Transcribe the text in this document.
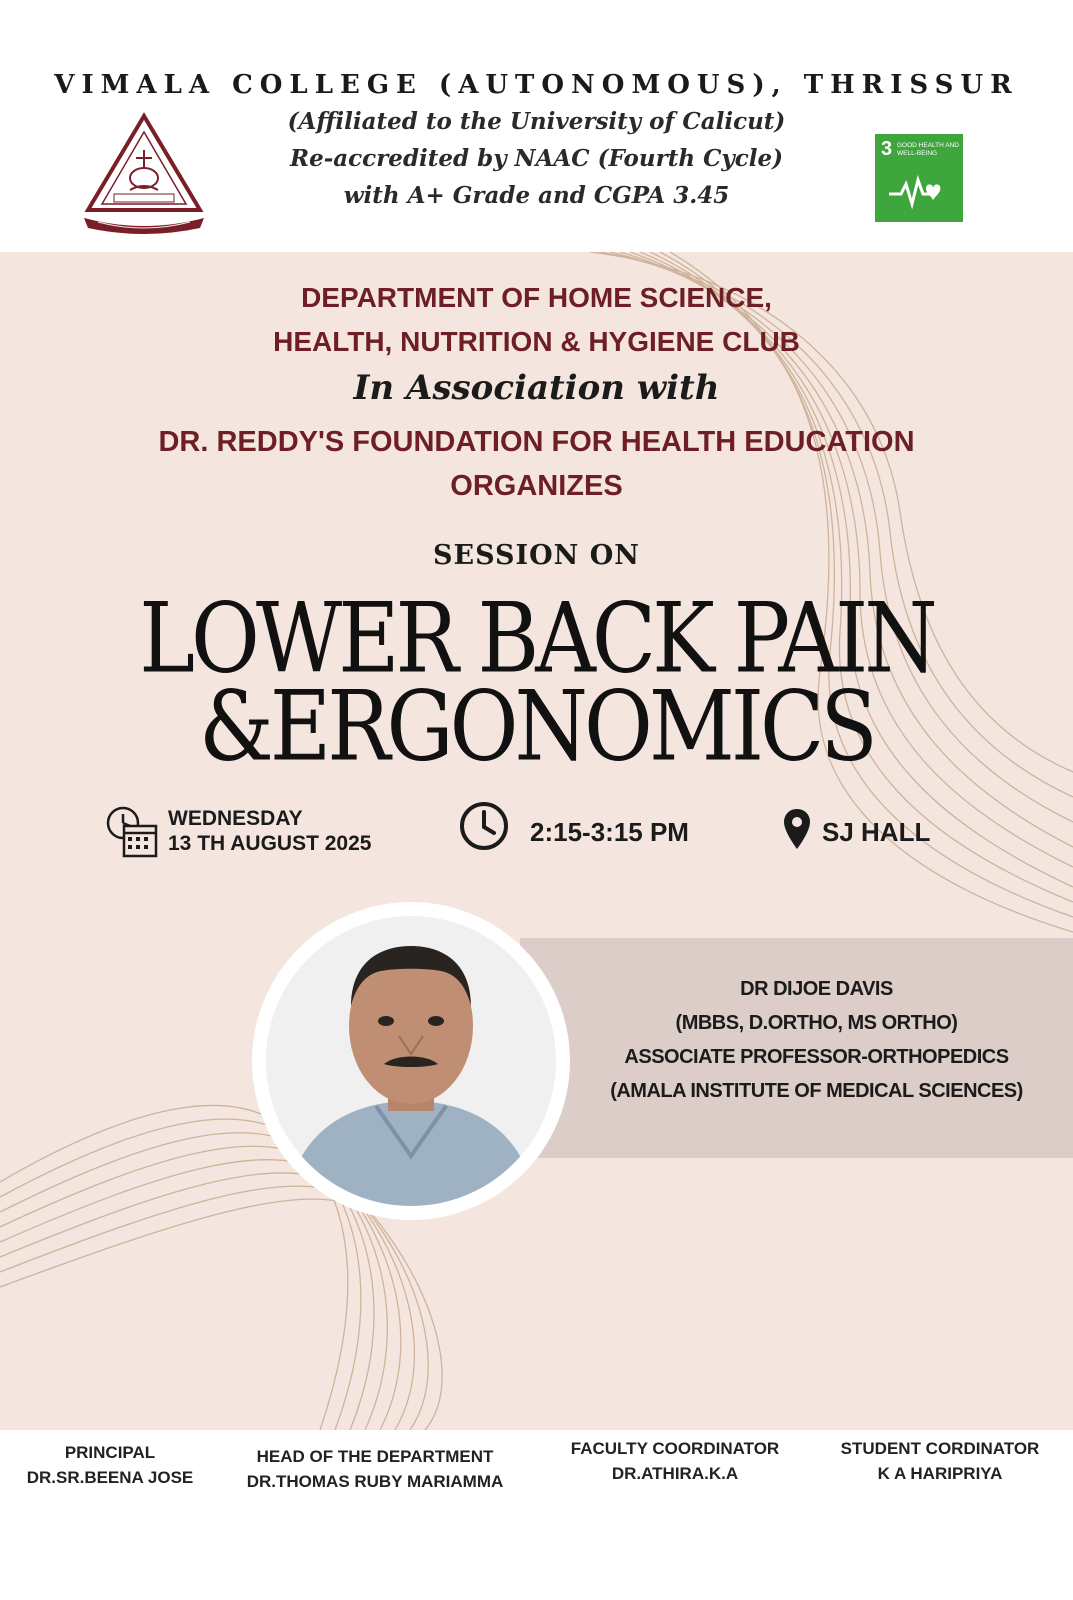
VIMALA COLLEGE (AUTONOMOUS), THRISSUR
(Affiliated to the University of Calicut)
Re-accredited by NAAC (Fourth Cycle)
with A+ Grade and CGPA 3.45
3 GOOD HEALTH AND WELL-BEING
DEPARTMENT OF HOME SCIENCE,
HEALTH, NUTRITION & HYGIENE CLUB
In Association with
DR. REDDY'S FOUNDATION FOR HEALTH EDUCATION
ORGANIZES
SESSION ON
LOWER BACK PAIN
&ERGONOMICS
WEDNESDAY
13 TH AUGUST 2025	2:15-3:15 PM	SJ HALL
DR DIJOE DAVIS
(MBBS, D.ORTHO, MS ORTHO)
ASSOCIATE PROFESSOR-ORTHOPEDICS
(AMALA INSTITUTE OF MEDICAL SCIENCES)
PRINCIPAL
DR.SR.BEENA JOSE
HEAD OF THE DEPARTMENT
DR.THOMAS RUBY MARIAMMA
FACULTY COORDINATOR
DR.ATHIRA.K.A
STUDENT CORDINATOR
K A HARIPRIYA
